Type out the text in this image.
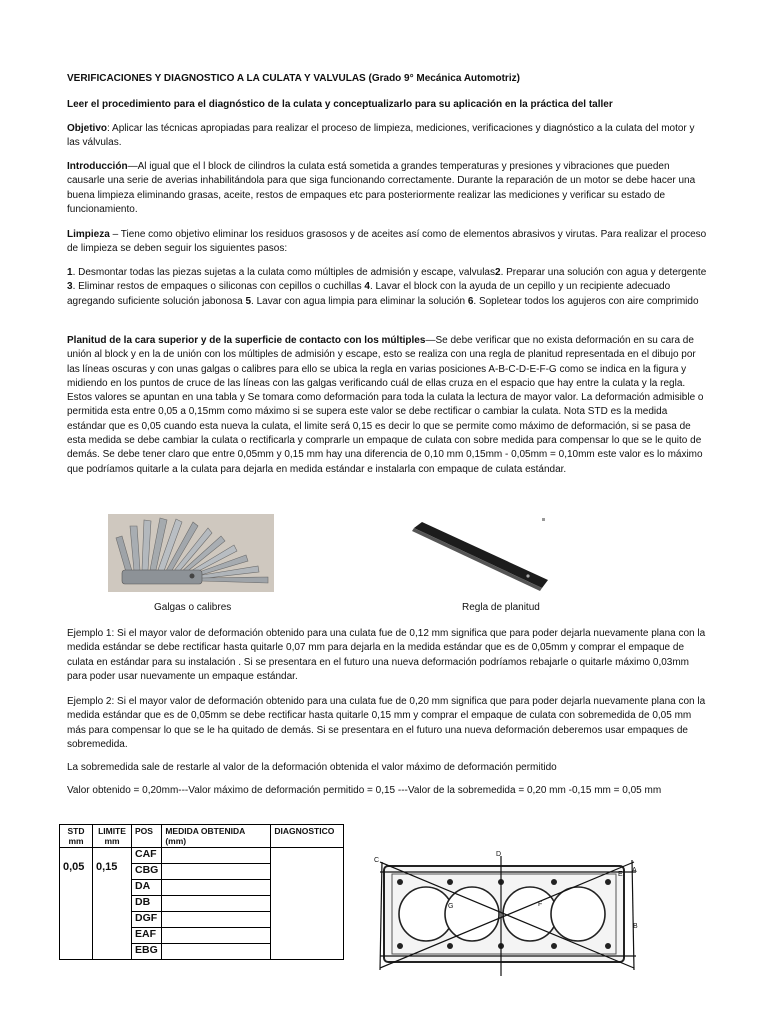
VERIFICACIONES Y DIAGNOSTICO A LA CULATA Y VALVULAS (Grado 9° Mecánica Automotriz)

Leer el procedimiento para el diagnóstico de la culata y conceptualizarlo para su aplicación en la práctica del taller

Objetivo: Aplicar las técnicas apropiadas para realizar el proceso de limpieza, mediciones, verificaciones y diagnóstico a la culata del motor y las válvulas.

Introducción—Al igual que el l block de cilindros la culata está sometida a grandes temperaturas y presiones y vibraciones que pueden causarle una serie de averias inhabilitándola para que siga funcionando correctamente. Durante la reparación de un motor se debe hacer una buena limpieza eliminando grasas, aceite, restos de empaques etc para posteriormente realizar las mediciones y verificar su estado de funcionamiento.

Limpieza – Tiene como objetivo eliminar los residuos grasosos y de aceites así como de elementos abrasivos y virutas. Para realizar el proceso de limpieza se deben seguir los siguientes pasos:

1. Desmontar todas las piezas sujetas a la culata como múltiples de admisión y escape, valvulas2. Preparar una solución con agua y detergente 3. Eliminar restos de empaques o siliconas con cepillos o cuchillas 4. Lavar el block con la ayuda de un cepillo y un recipiente adecuado agregando suficiente solución jabonosa 5. Lavar con agua limpia para eliminar la solución 6. Sopletear todos los agujeros con aire comprimido

Planitud de la cara superior y de la superficie de contacto con los múltiples—Se debe verificar que no exista deformación en su cara de unión al block y en la de unión con los múltiples de admisión y escape, esto se realiza con una regla de planitud representada en el dibujo por las líneas oscuras y con unas galgas o calibres para ello se ubica la regla en varias posiciones A-B-C-D-E-F-G como se indica en la figura y midiendo en los puntos de cruce de las líneas con las galgas verificando cuál de ellas cruza en el espacio que hay entre la culata y la regla. Estos valores se apuntan en una tabla y Se tomara como deformación para toda la culata la lectura de mayor valor. La deformación admisible o permitida esta entre 0,05 a 0,15mm como máximo si se supera este valor se debe rectificar o cambiar la culata. Nota STD es la medida estándar que es 0,05 cuando esta nueva la culata, el limite será 0,15 es decir lo que se permite como máximo de deformación, si se pasa de esta medida se debe cambiar la culata o rectificarla y comprarle un empaque de culata con sobre medida para compensar lo que se le quito de demás. Se debe tener claro que entre 0,05mm y 0,15 mm hay una diferencia de 0,10 mm 0,15mm - 0,05mm = 0,10mm este valor es lo máximo que podríamos quitarle a la culata para dejarla en medida estándar e instalarla con empaque de culata estándar.

Galgas o calibres	Regla de planitud

Ejemplo 1: Si el mayor valor de deformación obtenido para una culata fue de 0,12 mm significa que para poder dejarla nuevamente plana con la medida estándar se debe rectificar hasta quitarle 0,07 mm para dejarla en la medida estándar que es de 0,05mm y comprar el empaque de culata en estándar para su instalación . Si se presentara en el futuro una nueva deformación podríamos rebajarle o quitarle máximo 0,03mm para poder usar nuevamente un empaque estándar.

Ejemplo 2: Si el mayor valor de deformación obtenido para una culata fue de 0,20 mm significa que para poder dejarla nuevamente plana con la medida estándar que es de 0,05mm se debe rectificar hasta quitarle 0,15 mm y comprar el empaque de culata con sobremedida de 0,05 mm más para compensar lo que se le ha quitado de demás. Si se presentara en el futuro una nueva deformación deberemos usar empaques de sobremedida.

La sobremedida sale de restarle al valor de la deformación obtenida el valor máximo de deformación permitido

Valor obtenido = 0,20mm---Valor máximo de deformación permitido = 0,15 ---Valor de la sobremedida = 0,20 mm -0,15 mm = 0,05 mm

STD mm	LIMITE mm	POS	MEDIDA OBTENIDA (mm)	DIAGNOSTICO
0,05	0,15	CAF		
		CBG		
		DA		
		DB		
		DGF		
		EAF		
		EBG		
A
B
C
D
E
F
G
